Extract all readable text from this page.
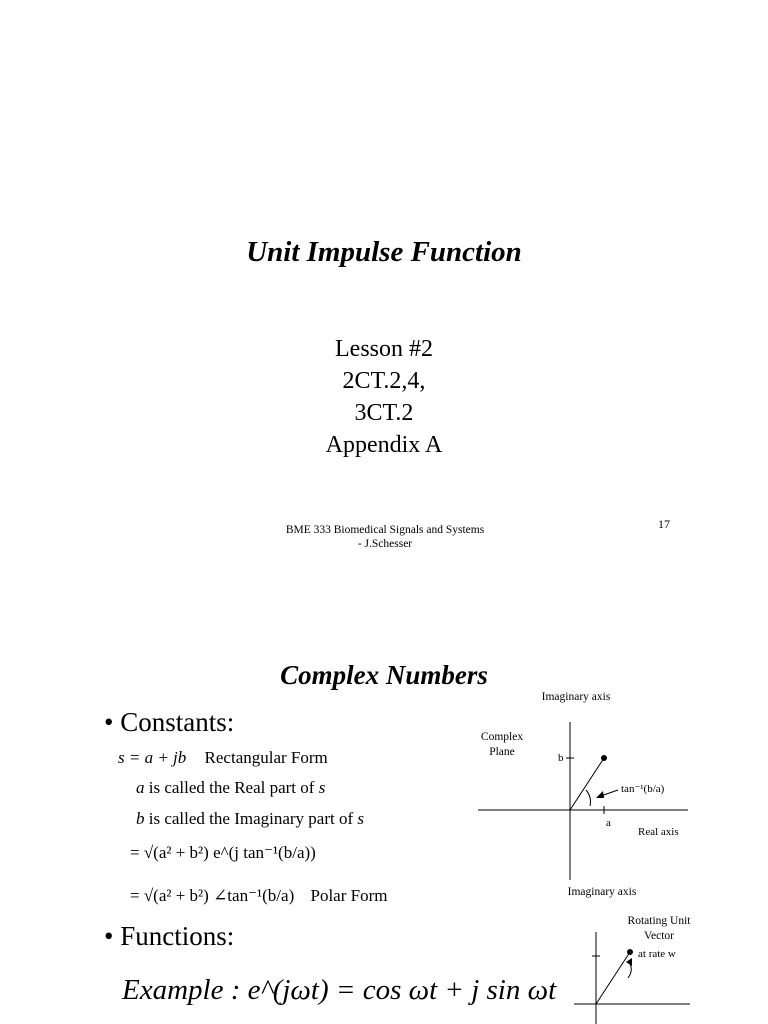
Unit Impulse Function
Lesson #2
2CT.2,4,
3CT.2
Appendix A
BME 333 Biomedical Signals and Systems
- J.Schesser
17
Complex Numbers
• Constants:
s = a + jb Rectangular Form
a is called the Real part of s
b is called the Imaginary part of s
= √(a² + b²) e^(j tan⁻¹(b/a))
= √(a² + b²) ∠tan⁻¹(b/a) Polar Form
• Functions:
Example : e^(jωt) = cos ωt + j sin ωt
Imaginary axis
Complex Plane	b
tan⁻¹(b/a)
a
Real axis
Imaginary axis
Rotating Unit Vector
at rate w
